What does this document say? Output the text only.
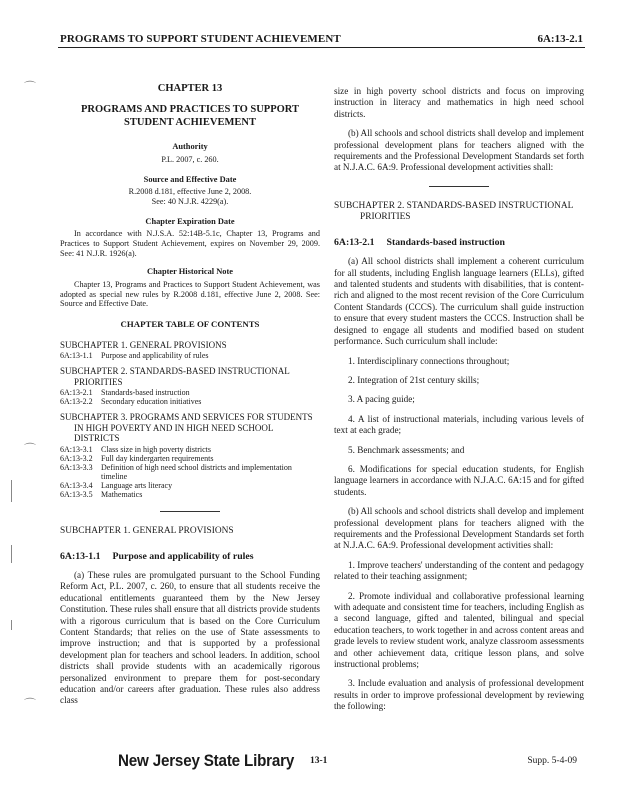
PROGRAMS TO SUPPORT STUDENT ACHIEVEMENT	6A:13-2.1
⌒
⌒
⌒
CHAPTER 13
PROGRAMS AND PRACTICES TO SUPPORT STUDENT ACHIEVEMENT
Authority
P.L. 2007, c. 260.
Source and Effective Date
R.2008 d.181, effective June 2, 2008.
See: 40 N.J.R. 4229(a).
Chapter Expiration Date

In accordance with N.J.S.A. 52:14B-5.1c, Chapter 13, Programs and Practices to Support Student Achievement, expires on November 29, 2009. See: 41 N.J.R. 1926(a).

Chapter Historical Note

Chapter 13, Programs and Practices to Support Student Achievement, was adopted as special new rules by R.2008 d.181, effective June 2, 2008. See: Source and Effective Date.

CHAPTER TABLE OF CONTENTS
SUBCHAPTER 1. GENERAL PROVISIONS
6A:13-1.1	Purpose and applicability of rules
SUBCHAPTER 2. STANDARDS-BASED INSTRUCTIONAL PRIORITIES
6A:13-2.1	Standards-based instruction
6A:13-2.2	Secondary education initiatives
SUBCHAPTER 3. PROGRAMS AND SERVICES FOR STUDENTS IN HIGH POVERTY AND IN HIGH NEED SCHOOL DISTRICTS
6A:13-3.1	Class size in high poverty districts
6A:13-3.2	Full day kindergarten requirements
6A:13-3.3	Definition of high need school districts and implementation timeline
6A:13-3.4	Language arts literacy
6A:13-3.5	Mathematics
SUBCHAPTER 1. GENERAL PROVISIONS
6A:13-1.1 Purpose and applicability of rules

(a) These rules are promulgated pursuant to the School Funding Reform Act, P.L. 2007, c. 260, to ensure that all students receive the educational entitlements guaranteed them by the New Jersey Constitution. These rules shall ensure that all districts provide students with a rigorous curriculum that is based on the Core Curriculum Content Standards; that relies on the use of State assessments to improve instruction; and that is supported by a professional development plan for teachers and school leaders. In addition, school districts shall provide students with an academically rigorous personalized environment to prepare them for post-secondary education and/or careers after graduation. These rules also address class

size in high poverty school districts and focus on improving instruction in literacy and mathematics in high need school districts.

(b) All schools and school districts shall develop and implement professional development plans for teachers aligned with the requirements and the Professional Development Standards set forth at N.J.A.C. 6A:9. Professional development activities shall:

SUBCHAPTER 2. STANDARDS-BASED INSTRUCTIONAL PRIORITIES
6A:13-2.1 Standards-based instruction

(a) All school districts shall implement a coherent curriculum for all students, including English language learners (ELLs), gifted and talented students and students with disabilities, that is content-rich and aligned to the most recent revision of the Core Curriculum Content Standards (CCCS). The curriculum shall guide instruction to ensure that every student masters the CCCS. Instruction shall be designed to engage all students and modified based on student performance. Such curriculum shall include:

1. Interdisciplinary connections throughout;

2. Integration of 21st century skills;

3. A pacing guide;

4. A list of instructional materials, including various levels of text at each grade;

5. Benchmark assessments; and

6. Modifications for special education students, for English language learners in accordance with N.J.A.C. 6A:15 and for gifted students.

(b) All schools and school districts shall develop and implement professional development plans for teachers aligned with the requirements and the Professional Development Standards set forth at N.J.A.C. 6A:9. Professional development activities shall:

1. Improve teachers' understanding of the content and pedagogy related to their teaching assignment;

2. Promote individual and collaborative professional learning with adequate and consistent time for teachers, including English as a second language, gifted and talented, bilingual and special education teachers, to work together in and across content areas and grade levels to review student work, analyze classroom assessments and other achievement data, critique lesson plans, and solve instructional problems;

3. Include evaluation and analysis of professional development results in order to improve professional development by reviewing the following:

New Jersey State Library 13-1	Supp. 5-4-09
